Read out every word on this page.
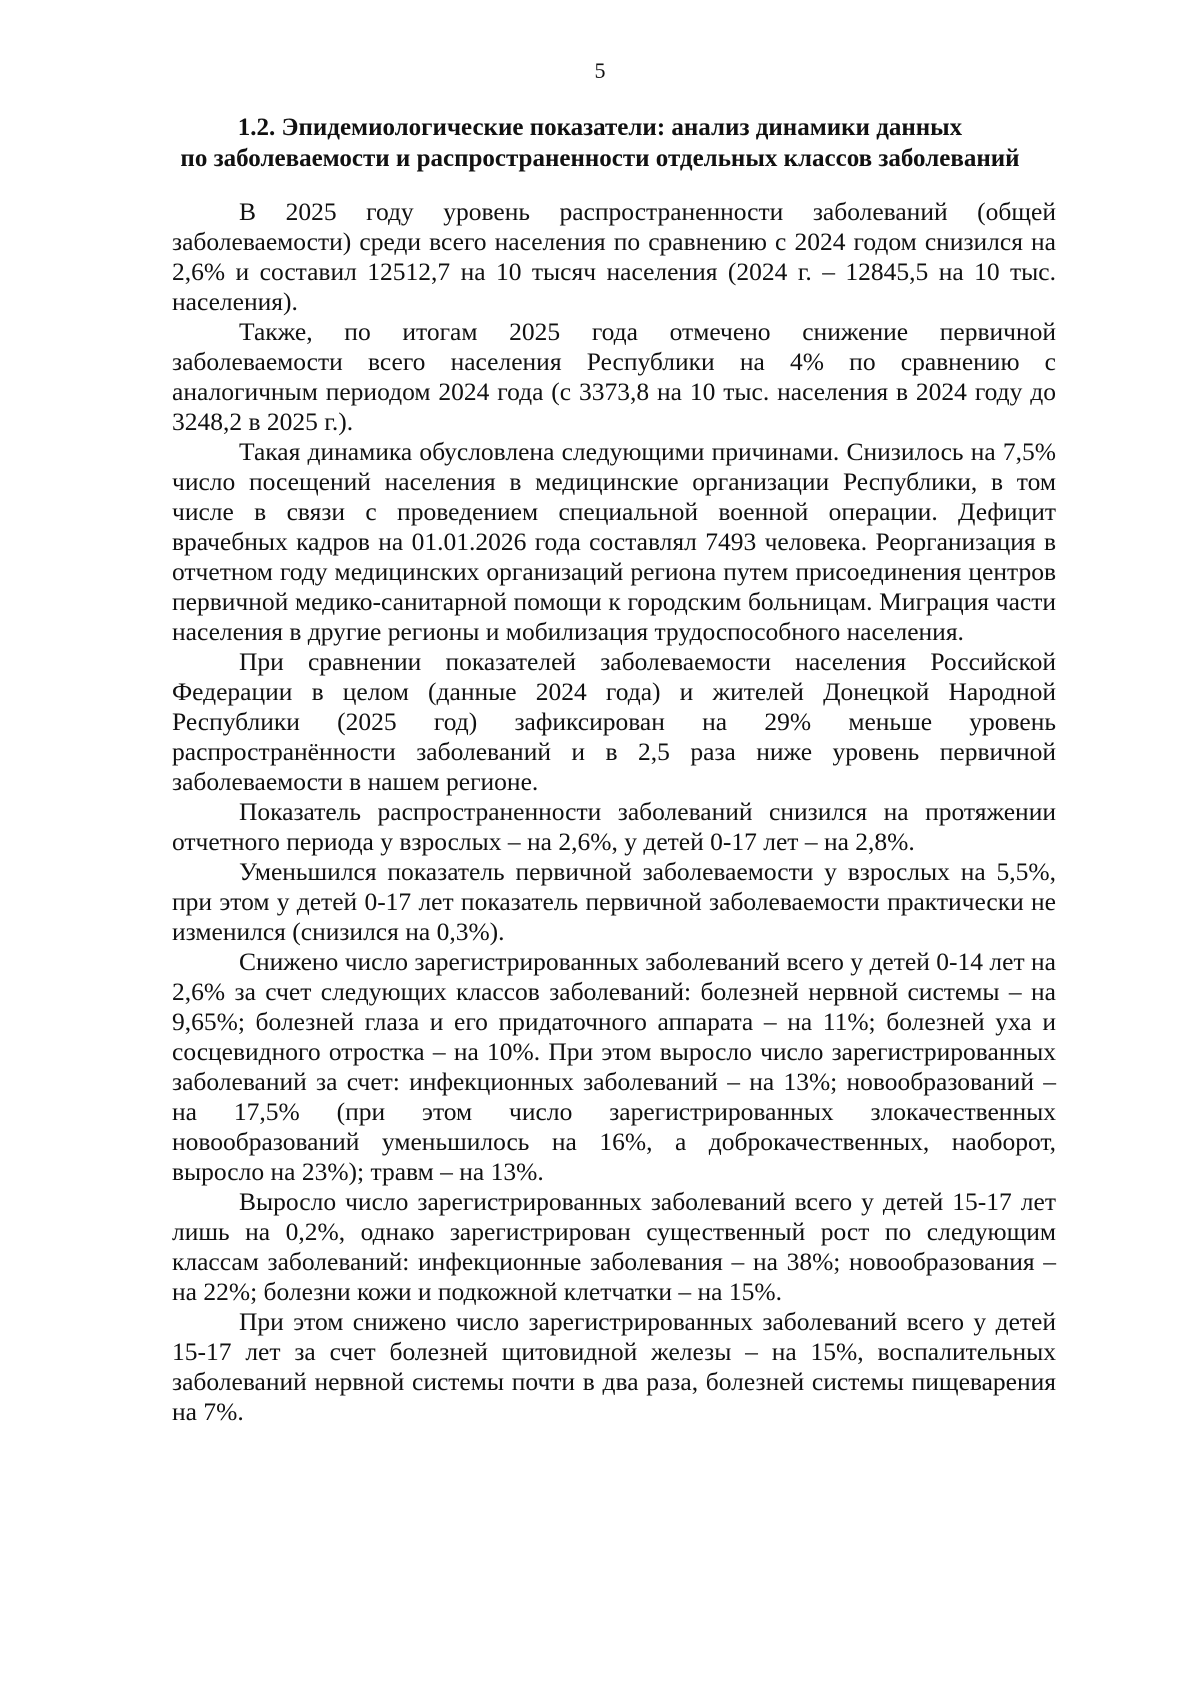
5
1.2. Эпидемиологические показатели: анализ динамики данных
по заболеваемости и распространенности отдельных классов заболеваний

В 2025 году уровень распространенности заболеваний (общей заболеваемости) среди всего населения по сравнению с 2024 годом снизился на 2,6% и составил 12512,7 на 10 тысяч населения (2024 г. – 12845,5 на 10 тыс. населения).

Также, по итогам 2025 года отмечено снижение первичной заболеваемости всего населения Республики на 4% по сравнению с аналогичным периодом 2024 года (с 3373,8 на 10 тыс. населения в 2024 году до 3248,2 в 2025 г.).

Такая динамика обусловлена следующими причинами. Снизилось на 7,5% число посещений населения в медицинские организации Республики, в том числе в связи с проведением специальной военной операции. Дефицит врачебных кадров на 01.01.2026 года составлял 7493 человека. Реорганизация в отчетном году медицинских организаций региона путем присоединения центров первичной медико-санитарной помощи к городским больницам. Миграция части населения в другие регионы и мобилизация трудоспособного населения.

При сравнении показателей заболеваемости населения Российской Федерации в целом (данные 2024 года) и жителей Донецкой Народной Республики (2025 год) зафиксирован на 29% меньше уровень распространённости заболеваний и в 2,5 раза ниже уровень первичной заболеваемости в нашем регионе.

Показатель распространенности заболеваний снизился на протяжении отчетного периода у взрослых – на 2,6%, у детей 0-17 лет – на 2,8%.

Уменьшился показатель первичной заболеваемости у взрослых на 5,5%, при этом у детей 0-17 лет показатель первичной заболеваемости практически не изменился (снизился на 0,3%).

Снижено число зарегистрированных заболеваний всего у детей 0-14 лет на 2,6% за счет следующих классов заболеваний: болезней нервной системы – на 9,65%; болезней глаза и его придаточного аппарата – на 11%; болезней уха и сосцевидного отростка – на 10%. При этом выросло число зарегистрированных заболеваний за счет: инфекционных заболеваний – на 13%; новообразований – на 17,5% (при этом число зарегистрированных злокачественных новообразований уменьшилось на 16%, а доброкачественных, наоборот, выросло на 23%); травм – на 13%.

Выросло число зарегистрированных заболеваний всего у детей 15-17 лет лишь на 0,2%, однако зарегистрирован существенный рост по следующим классам заболеваний: инфекционные заболевания – на 38%; новообразования – на 22%; болезни кожи и подкожной клетчатки – на 15%.

При этом снижено число зарегистрированных заболеваний всего у детей 15-17 лет за счет болезней щитовидной железы – на 15%, воспалительных заболеваний нервной системы почти в два раза, болезней системы пищеварения на 7%.
